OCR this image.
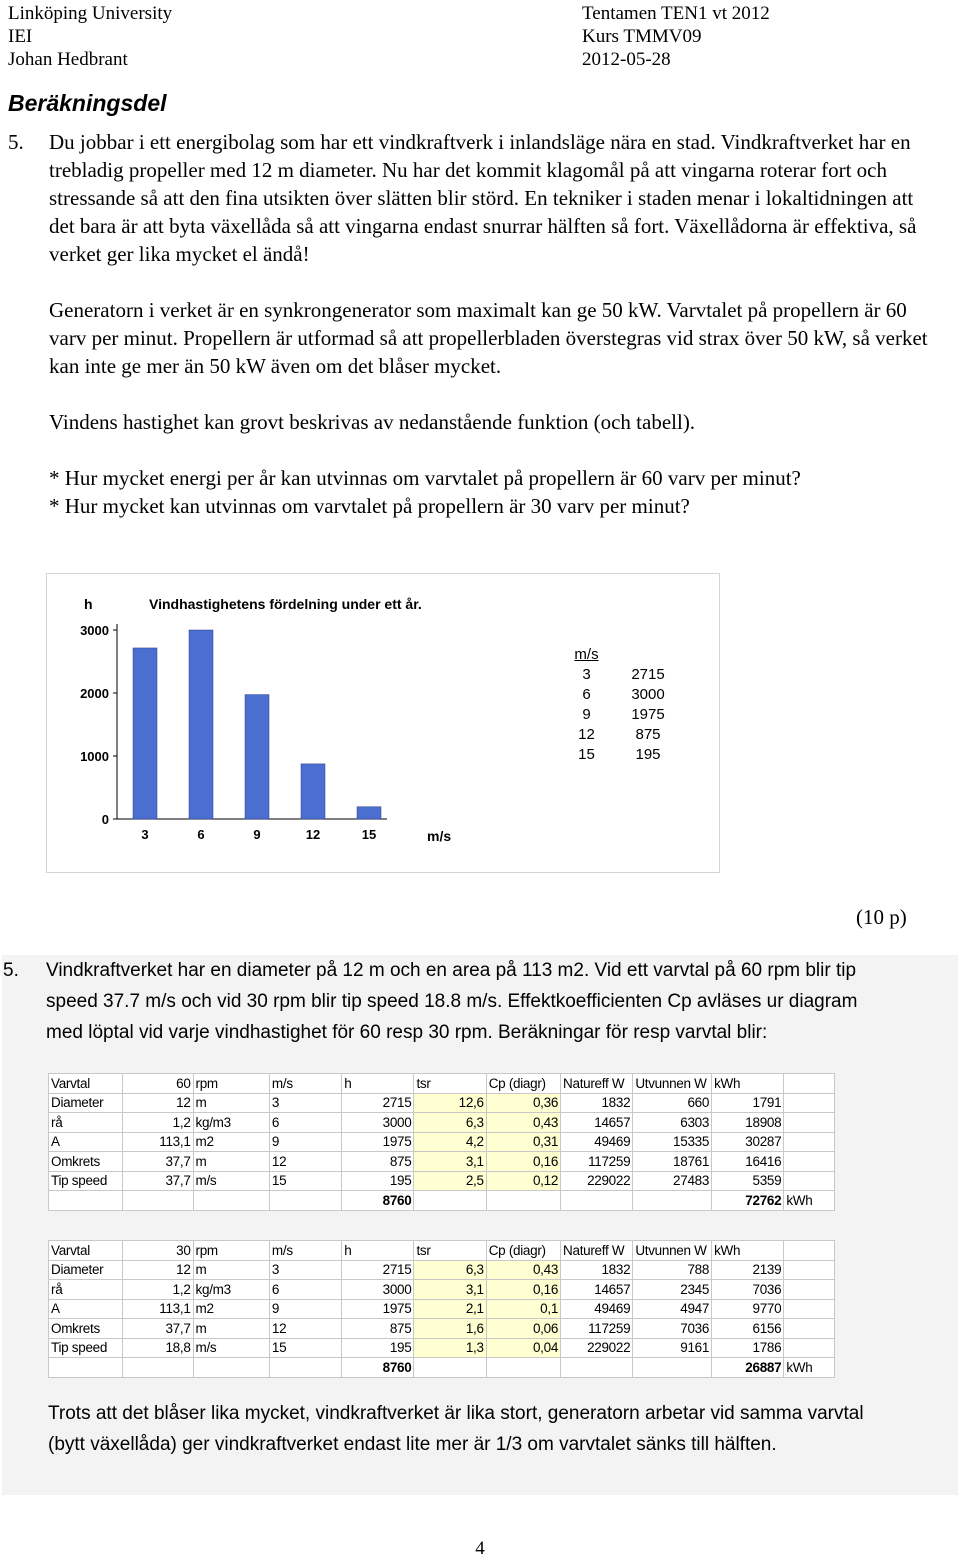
Linköping University
IEI
Johan Hedbrant
Tentamen TEN1 vt 2012
Kurs TMMV09
2012-05-28
Beräkningsdel
5. Du jobbar i ett energibolag som har ett vindkraftverk i inlandsläge nära en stad. Vindkraftverket har en trebladig propeller med 12 m diameter. Nu har det kommit klagomål på att vingarna roterar fort och stressande så att den fina utsikten över slätten blir störd. En tekniker i staden menar i lokaltidningen att det bara är att byta växellåda så att vingarna endast snurrar hälften så fort. Växellådorna är effektiva, så verket ger lika mycket el ändå!

Generatorn i verket är en synkrongenerator som maximalt kan ge 50 kW. Varvtalet på propellern är 60 varv per minut. Propellern är utformad så att propellerbladen överstegras vid strax över 50 kW, så verket kan inte ge mer än 50 kW även om det blåser mycket.

Vindens hastighet kan grovt beskrivas av nedanstående funktion (och tabell).

* Hur mycket energi per år kan utvinnas om varvtalet på propellern är 60 varv per minut?

* Hur mycket kan utvinnas om varvtalet på propellern är 30 varv per minut?

0
1000
2000
3000
h	Vindhastighetens fördelning under ett år.
3	6	9	12	15	m/s
m/s
3	2715
6	3000
9	1975
12	875
15	195
(10 p)
5. Vindkraftverket har en diameter på 12 m och en area på 113 m2. Vid ett varvtal på 60 rpm blir tip
speed 37.7 m/s och vid 30 rpm blir tip speed 18.8 m/s. Effektkoefficienten Cp avläses ur diagram
med löptal vid varje vindhastighet för 60 resp 30 rpm. Beräkningar för resp varvtal blir:
Varvtal	60	rpm	m/s	h	tsr	Cp (diagr)	Natureff W	Utvunnen W	kWh	
Diameter	12	m	3	2715	12,6	0,36	1832	660	1791	
rå	1,2	kg/m3	6	3000	6,3	0,43	14657	6303	18908	
A	113,1	m2	9	1975	4,2	0,31	49469	15335	30287	
Omkrets	37,7	m	12	875	3,1	0,16	117259	18761	16416	
Tip speed	37,7	m/s	15	195	2,5	0,12	229022	27483	5359	
				8760					72762	kWh
Varvtal	30	rpm	m/s	h	tsr	Cp (diagr)	Natureff W	Utvunnen W	kWh	
Diameter	12	m	3	2715	6,3	0,43	1832	788	2139	
rå	1,2	kg/m3	6	3000	3,1	0,16	14657	2345	7036	
A	113,1	m2	9	1975	2,1	0,1	49469	4947	9770	
Omkrets	37,7	m	12	875	1,6	0,06	117259	7036	6156	
Tip speed	18,8	m/s	15	195	1,3	0,04	229022	9161	1786	
				8760					26887	kWh
Trots att det blåser lika mycket, vindkraftverket är lika stort, generatorn arbetar vid samma varvtal
(bytt växellåda) ger vindkraftverket endast lite mer är 1/3 om varvtalet sänks till hälften.
4
